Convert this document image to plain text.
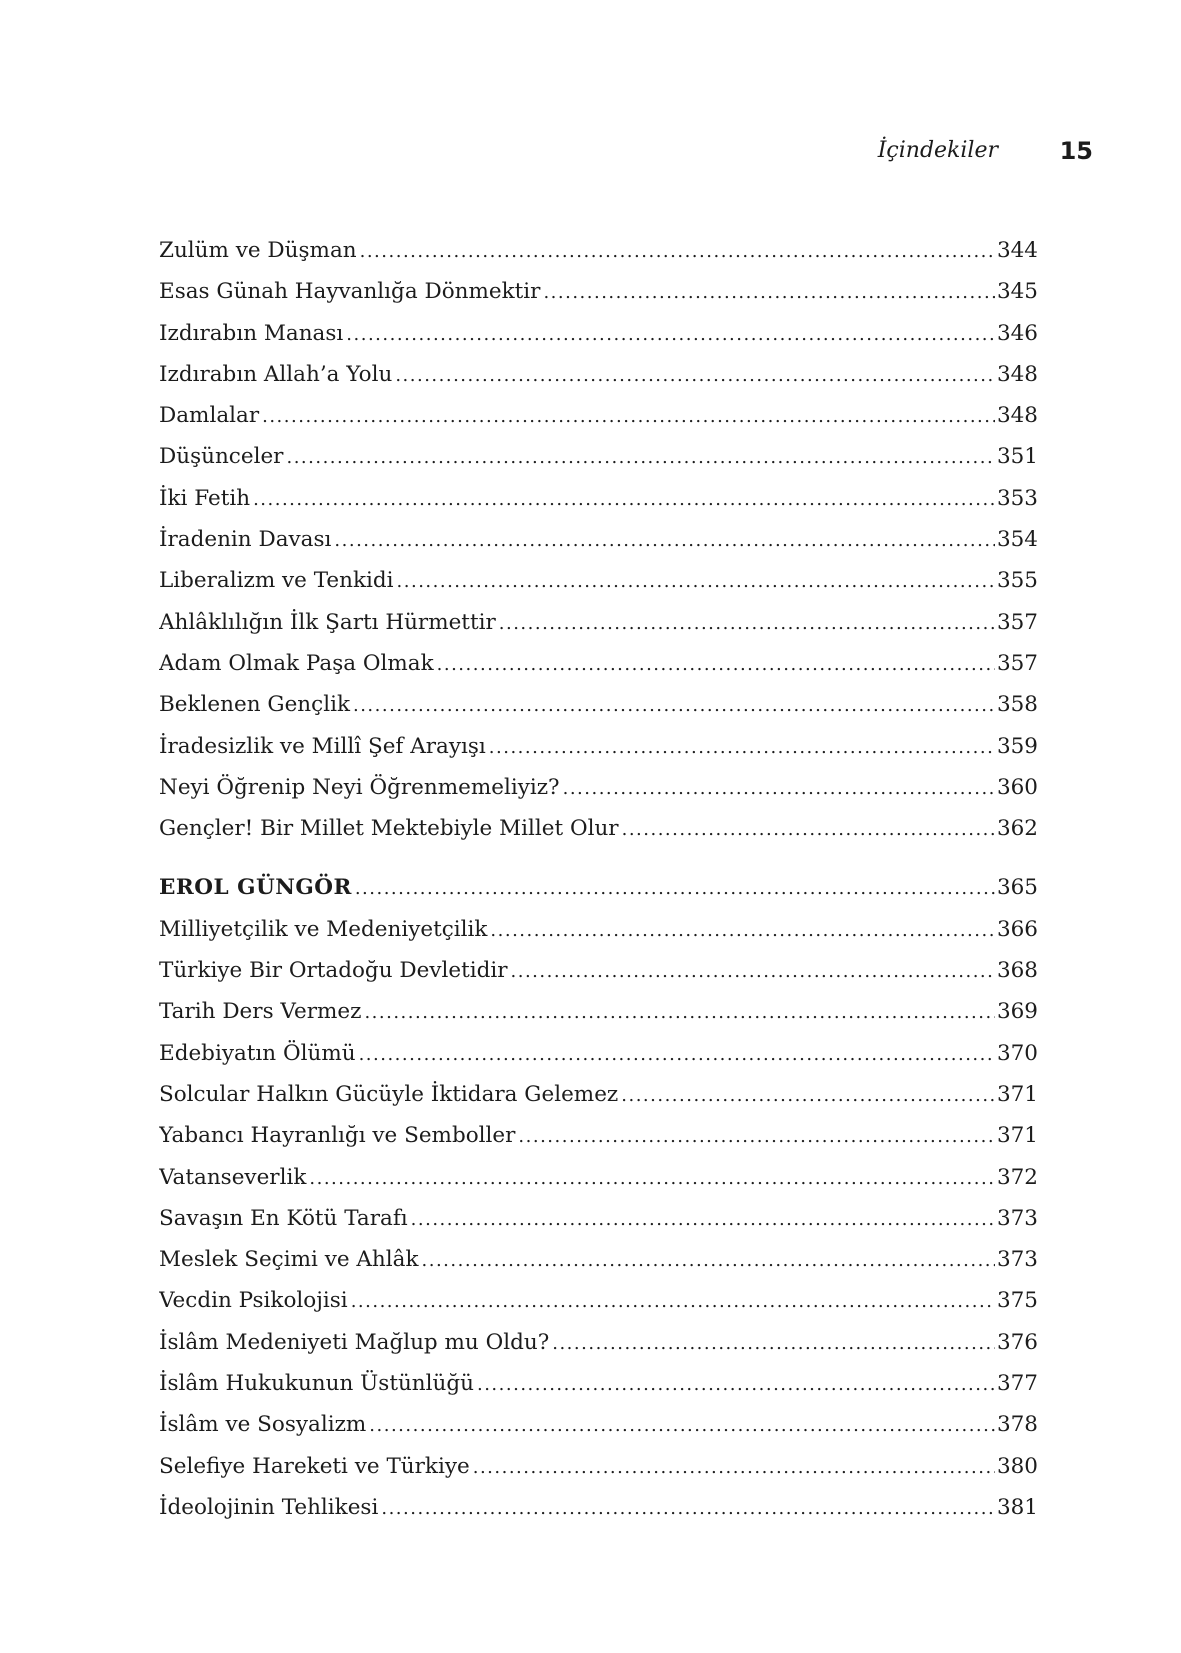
İçindekiler	15
Zulüm ve Düşman .....	344
Esas Günah Hayvanlığa Dönmektir .....	345
Izdırabın Manası .....	346
Izdırabın Allah’a Yolu .....	348
Damlalar .....	348
Düşünceler .....	351
İki Fetih .....	353
İradenin Davası .....	354
Liberalizm ve Tenkidi .....	355
Ahlâklılığın İlk Şartı Hürmettir .....	357
Adam Olmak Paşa Olmak .....	357
Beklenen Gençlik .....	358
İradesizlik ve Millî Şef Arayışı .....	359
Neyi Öğrenip Neyi Öğrenmemeliyiz? .....	360
Gençler! Bir Millet Mektebiyle Millet Olur .....	362
EROL GÜNGÖR .....	365
Milliyetçilik ve Medeniyetçilik .....	366
Türkiye Bir Ortadoğu Devletidir .....	368
Tarih Ders Vermez .....	369
Edebiyatın Ölümü .....	370
Solcular Halkın Gücüyle İktidara Gelemez .....	371
Yabancı Hayranlığı ve Semboller .....	371
Vatanseverlik .....	372
Savaşın En Kötü Tarafı .....	373
Meslek Seçimi ve Ahlâk .....	373
Vecdin Psikolojisi .....	375
İslâm Medeniyeti Mağlup mu Oldu? .....	376
İslâm Hukukunun Üstünlüğü .....	377
İslâm ve Sosyalizm .....	378
Selefiye Hareketi ve Türkiye .....	380
İdeolojinin Tehlikesi .....	381
